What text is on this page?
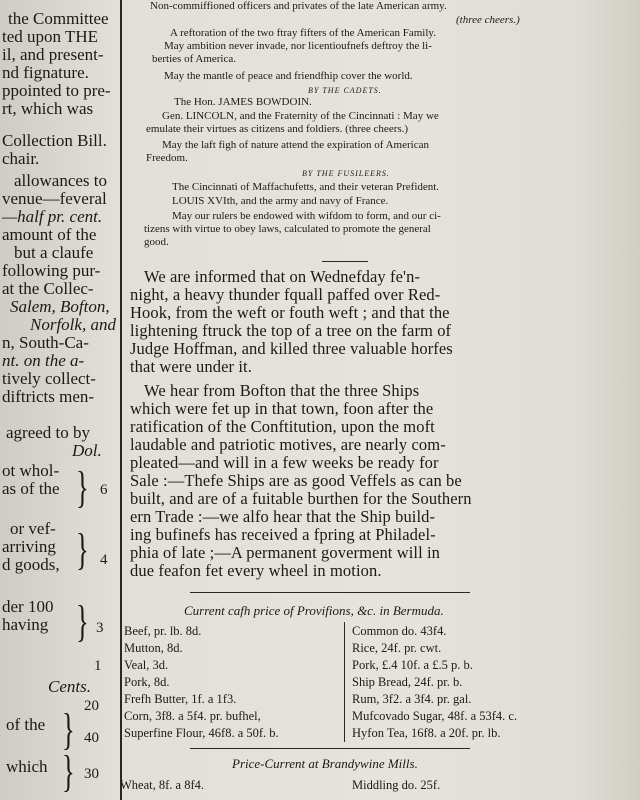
the Committee
ted upon THE
il, and present-
nd fignature.
ppointed to pre-
rt, which was
Collection Bill.
chair.
allowances to
venue—feveral
—half pr. cent.
amount of the
but a claufe
following pur-
at the Collec-
Salem, Bofton,
Norfolk, and
n, South-Ca-
nt. on the a-
tively collect-
diftricts men-
agreed to by
Dol.
ot whol-
as of the
or vef-
arriving
d goods,
der 100
having
Cents.
of the
which
6
4
3
1
20
40
30
Non-commiffioned officers and privates of the late American army.
(three cheers.)
A reftoration of the two ftray fifters of the American Family.
May ambition never invade, nor licentioufnefs deftroy the li-
berties of America.
May the mantle of peace and friendfhip cover the world.
The Hon. JAMES BOWDOIN.
Gen. LINCOLN, and the Fraternity of the Cincinnati : May we
emulate their virtues as citizens and foldiers. (three cheers.)
May the laft figh of nature attend the expiration of American
Freedom.
The Cincinnati of Maffachufetts, and their veteran Prefident.
LOUIS XVIth, and the army and navy of France.
May our rulers be endowed with wifdom to form, and our ci-
tizens with virtue to obey laws, calculated to promote the general
good.
BY THE CADETS.
BY THE FUSILEERS.
We are informed that on Wednefday fe'n-
night, a heavy thunder fquall paffed over Red-
Hook, from the weft or fouth weft ; and that the
lightening ftruck the top of a tree on the farm of
Judge Hoffman, and killed three valuable horfes
that were under it.
We hear from Bofton that the three Ships
which were fet up in that town, foon after the
ratification of the Conftitution, upon the moft
laudable and patriotic motives, are nearly com-
pleated—and will in a few weeks be ready for
Sale :—Thefe Ships are as good Veffels as can be
built, and are of a fuitable burthen for the Southern
ern Trade :—we alfo hear that the Ship build-
ing bufinefs has received a fpring at Philadel-
phia of late ;—A permanent goverment will in
due feafon fet every wheel in motion.
Current cafh price of Provifions, &c. in Bermuda.
Beef, pr. lb. 8d.
Mutton, 8d.
Veal, 3d.
Pork, 8d.
Frefh Butter, 1f. a 1f3.
Corn, 3f8. a 5f4. pr. bufhel,
Superfine Flour, 46f8. a 50f. b.
Common do. 43f4.
Rice, 24f. pr. cwt.
Pork, £.4 10f. a £.5 p. b.
Ship Bread, 24f. pr. b.
Rum, 3f2. a 3f4. pr. gal.
Mufcovado Sugar, 48f. a 53f4. c.
Hyfon Tea, 16f8. a 20f. pr. lb.
Price-Current at Brandywine Mills.
Wheat, 8f. a 8f4.	Middling do. 25f.
}
}
}
}
}
